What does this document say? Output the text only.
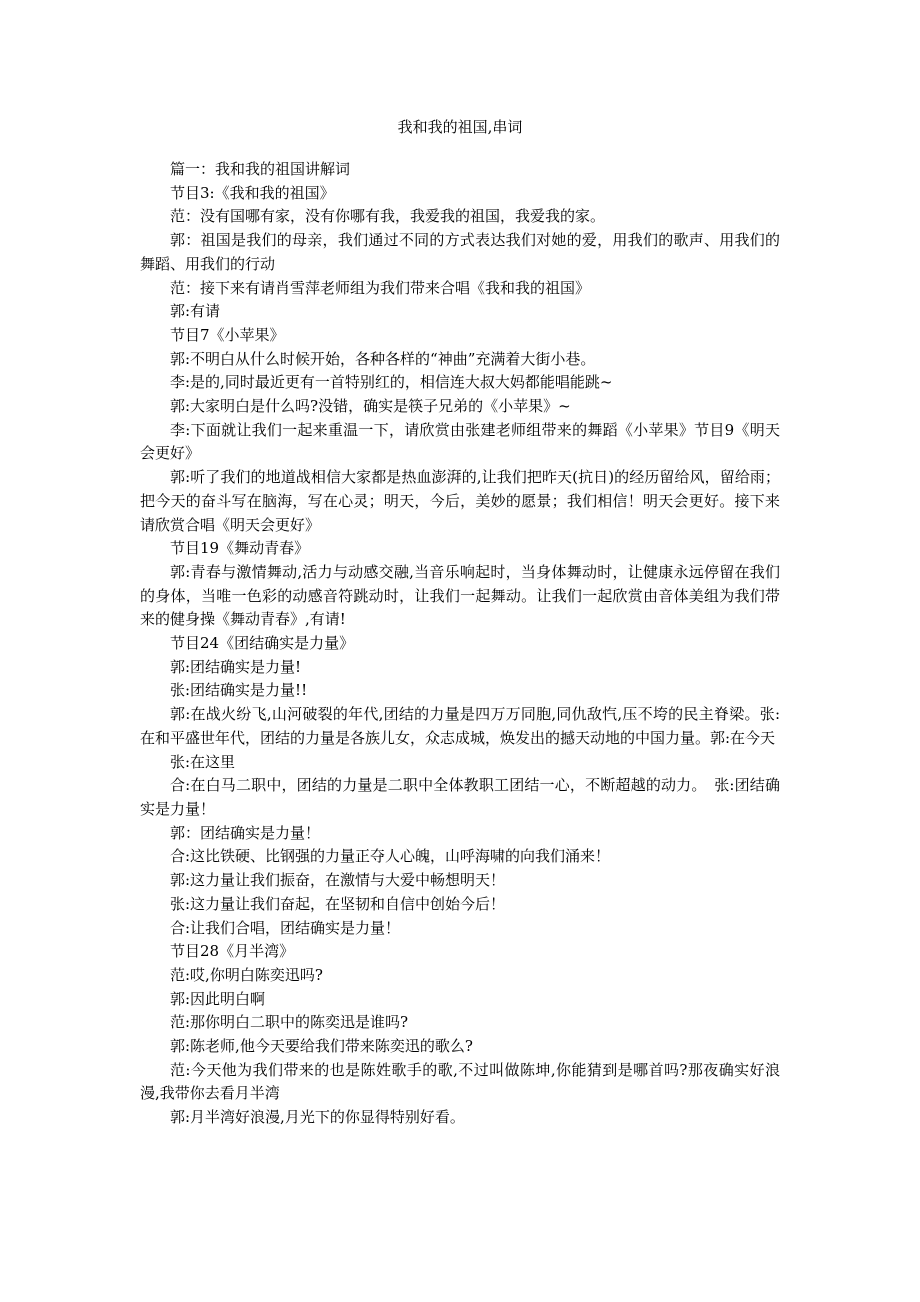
我和我的祖国,串词

篇一：我和我的祖国讲解词

节目3:《我和我的祖国》

范：没有国哪有家，没有你哪有我，我爱我的祖国，我爱我的家。

郭：祖国是我们的母亲，我们通过不同的方式表达我们对她的爱，用我们的歌声、用我们的舞蹈、用我们的行动

范：接下来有请肖雪萍老师组为我们带来合唱《我和我的祖国》

郭:有请

节目7《小苹果》

郭:不明白从什么时候开始，各种各样的“神曲”充满着大街小巷。

李:是的,同时最近更有一首特别红的，相信连大叔大妈都能唱能跳~

郭:大家明白是什么吗?没错，确实是筷子兄弟的《小苹果》~

李:下面就让我们一起来重温一下，请欣赏由张建老师组带来的舞蹈《小苹果》节目9《明天会更好》

郭:听了我们的地道战相信大家都是热血澎湃的,让我们把昨天(抗日)的经历留给风，留给雨；把今天的奋斗写在脑海，写在心灵；明天，今后，美妙的愿景；我们相信！明天会更好。接下来请欣赏合唱《明天会更好》

节目19《舞动青春》

郭:青春与激情舞动,活力与动感交融,当音乐响起时，当身体舞动时，让健康永远停留在我们的身体，当唯一色彩的动感音符跳动时，让我们一起舞动。让我们一起欣赏由音体美组为我们带来的健身操《舞动青春》,有请!

节目24《团结确实是力量》

郭:团结确实是力量!

张:团结确实是力量!!

郭:在战火纷飞,山河破裂的年代,团结的力量是四万万同胞,同仇敌忾,压不垮的民主脊梁。张:在和平盛世年代，团结的力量是各族儿女，众志成城，焕发出的撼天动地的中国力量。郭:在今天

张:在这里

合:在白马二职中，团结的力量是二职中全体教职工团结一心，不断超越的动力。　张:团结确实是力量！

郭：团结确实是力量！

合:这比铁硬、比钢强的力量正夺人心魄，山呼海啸的向我们涌来！

郭:这力量让我们振奋，在激情与大爱中畅想明天！

张:这力量让我们奋起，在坚韧和自信中创始今后！

合:让我们合唱，团结确实是力量！

节目28《月半湾》

范:哎,你明白陈奕迅吗?

郭:因此明白啊

范:那你明白二职中的陈奕迅是谁吗?

郭:陈老师,他今天要给我们带来陈奕迅的歌么?

范:今天他为我们带来的也是陈姓歌手的歌,不过叫做陈坤,你能猜到是哪首吗?那夜确实好浪漫,我带你去看月半湾

郭:月半湾好浪漫,月光下的你显得特别好看。
